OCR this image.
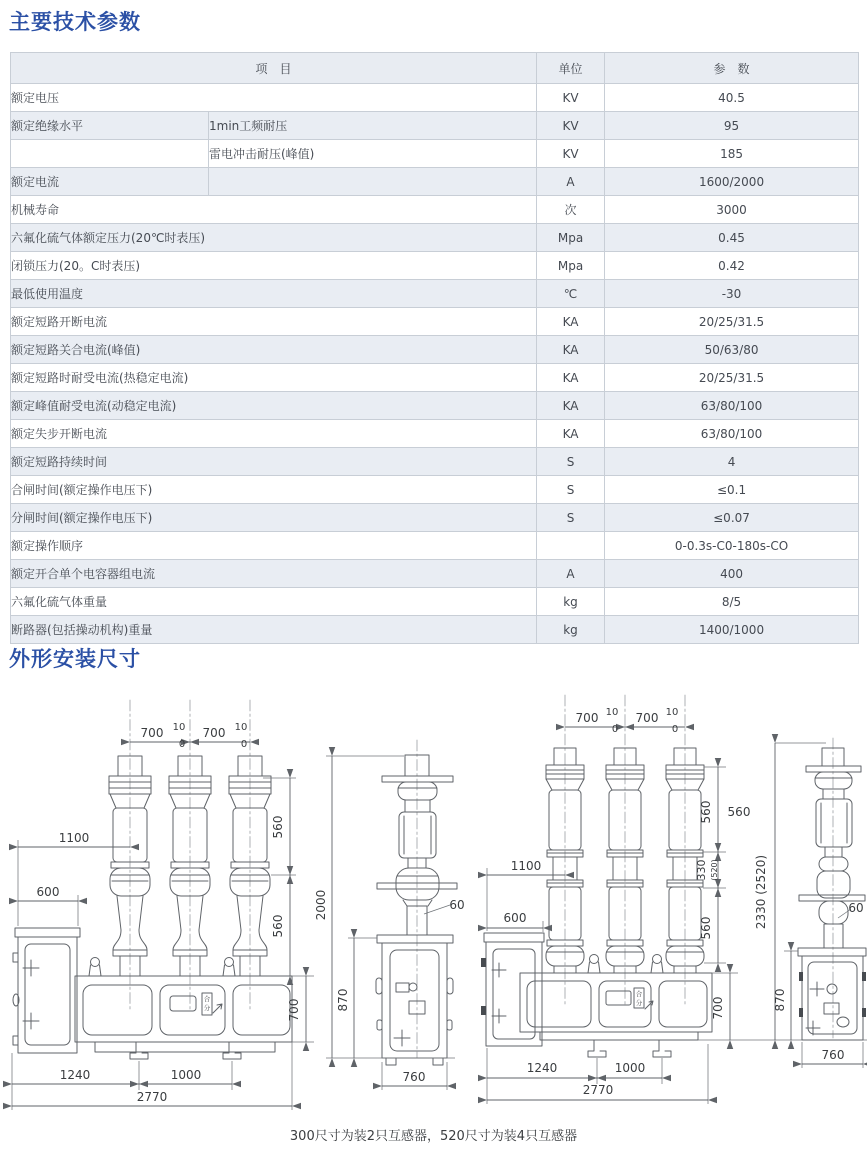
主要技术参数
项　目		单位	参　数
额定电压		KV	40.5
额定绝缘水平	1min工频耐压	KV	95
	雷电冲击耐压(峰值)	KV	185
额定电流		A	1600/2000
机械寿命		次	3000
六氟化硫气体额定压力(20℃时表压)		Mpa	0.45
闭锁压力(20。C时表压)		Mpa	0.42
最低使用温度		℃	-30
额定短路开断电流		KA	20/25/31.5
额定短路关合电流(峰值)		KA	50/63/80
额定短路时耐受电流(热稳定电流)		KA	20/25/31.5
额定峰值耐受电流(动稳定电流)		KA	63/80/100
额定失步开断电流		KA	63/80/100
额定短路持续时间		S	4
合闸时间(额定操作电压下)		S	≤0.1
分闸时间(额定操作电压下)		S	≤0.07
额定操作顺序			0-0.3s-C0-180s-CO
额定开合单个电容器组电流		A	400
六氟化硫气体重量		kg	8/5
断路器(包括操动机构)重量		kg	1400/1000
外形安装尺寸
合
分
合
分
700 10
0
700 10
0
1100
600
560
560
700
1240	1000
2770
2000
870
60
760
700 10
0
700 10
0
1100
600
560 560
330 (520)
560	2330 (2520)
700
1240	1000
2770
60
870
760
300尺寸为装2只互感器，520尺寸为装4只互感器
